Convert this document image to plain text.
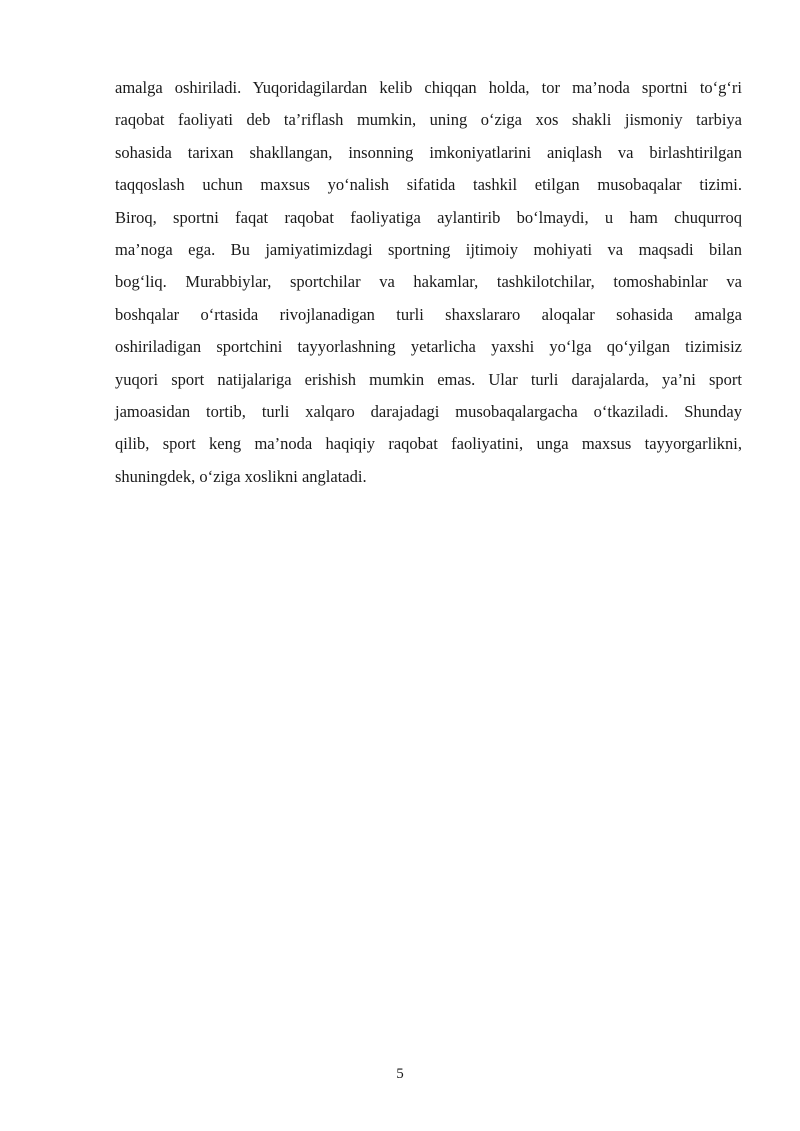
amalga oshiriladi. Yuqoridagilardan kelib chiqqan holda, tor ma’noda sportni to‘g‘ri
raqobat faoliyati deb ta’riflash mumkin, uning o‘ziga xos shakli jismoniy tarbiya
sohasida tarixan shakllangan, insonning imkoniyatlarini aniqlash va birlashtirilgan
taqqoslash uchun maxsus yo‘nalish sifatida tashkil etilgan musobaqalar tizimi.
Biroq, sportni faqat raqobat faoliyatiga aylantirib bo‘lmaydi, u ham chuqurroq
ma’noga ega. Bu jamiyatimizdagi sportning ijtimoiy mohiyati va maqsadi bilan
bog‘liq. Murabbiylar, sportchilar va hakamlar, tashkilotchilar, tomoshabinlar va
boshqalar o‘rtasida rivojlanadigan turli shaxslararo aloqalar sohasida amalga
oshiriladigan sportchini tayyorlashning yetarlicha yaxshi yo‘lga qo‘yilgan tizimisiz
yuqori sport natijalariga erishish mumkin emas. Ular turli darajalarda, ya’ni sport
jamoasidan tortib, turli xalqaro darajadagi musobaqalargacha o‘tkaziladi. Shunday
qilib, sport keng ma’noda haqiqiy raqobat faoliyatini, unga maxsus tayyorgarlikni,
shuningdek, o‘ziga xoslikni anglatadi.
5
